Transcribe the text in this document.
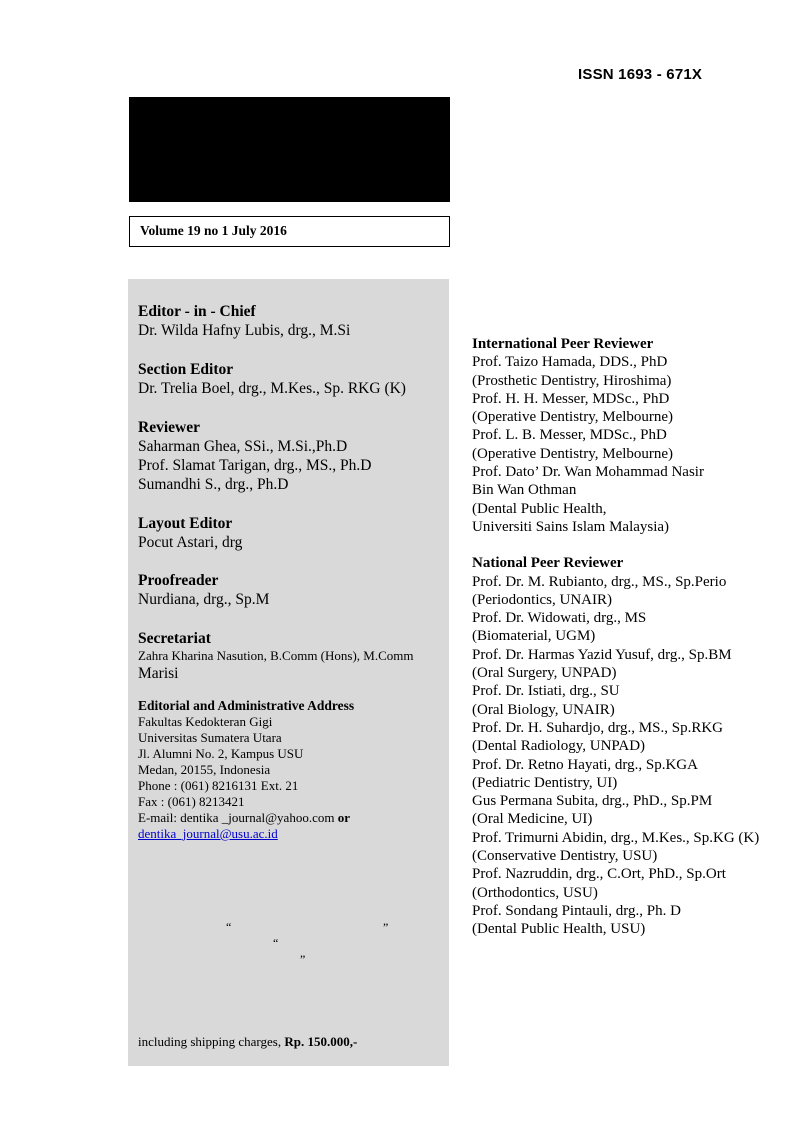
ISSN 1693 - 671X
Volume 19 no 1 July 2016
Editor - in - Chief
Dr. Wilda Hafny Lubis, drg., M.Si
Section Editor
Dr. Trelia Boel, drg., M.Kes., Sp. RKG (K)
Reviewer
Saharman Ghea, SSi., M.Si.,Ph.D
Prof. Slamat Tarigan, drg., MS., Ph.D
Sumandhi S., drg., Ph.D
Layout Editor
Pocut Astari, drg
Proofreader
Nurdiana, drg., Sp.M
Secretariat
Zahra Kharina Nasution, B.Comm (Hons), M.Comm
Marisi
Editorial and Administrative Address
Fakultas Kedokteran Gigi
Universitas Sumatera Utara
Jl. Alumni No. 2, Kampus USU
Medan, 20155, Indonesia
Phone : (061) 8216131 Ext. 21
Fax : (061) 8213421
E-mail: dentika _journal@yahoo.com or
dentika_journal@usu.ac.id
“	”
“
”
including shipping charges, Rp. 150.000,-
International Peer Reviewer
Prof. Taizo Hamada, DDS., PhD
(Prosthetic Dentistry, Hiroshima)
Prof. H. H. Messer, MDSc., PhD
(Operative Dentistry, Melbourne)
Prof. L. B. Messer, MDSc., PhD
(Operative Dentistry, Melbourne)
Prof. Dato’ Dr. Wan Mohammad Nasir
Bin Wan Othman
(Dental Public Health,
Universiti Sains Islam Malaysia)
National Peer Reviewer
Prof. Dr. M. Rubianto, drg., MS., Sp.Perio
(Periodontics, UNAIR)
Prof. Dr. Widowati, drg., MS
(Biomaterial, UGM)
Prof. Dr. Harmas Yazid Yusuf, drg., Sp.BM
(Oral Surgery, UNPAD)
Prof. Dr. Istiati, drg., SU
(Oral Biology, UNAIR)
Prof. Dr. H. Suhardjo, drg., MS., Sp.RKG
(Dental Radiology, UNPAD)
Prof. Dr. Retno Hayati, drg., Sp.KGA
(Pediatric Dentistry, UI)
Gus Permana Subita, drg., PhD., Sp.PM
(Oral Medicine, UI)
Prof. Trimurni Abidin, drg., M.Kes., Sp.KG (K)
(Conservative Dentistry, USU)
Prof. Nazruddin, drg., C.Ort, PhD., Sp.Ort
(Orthodontics, USU)
Prof. Sondang Pintauli, drg., Ph. D
(Dental Public Health, USU)
